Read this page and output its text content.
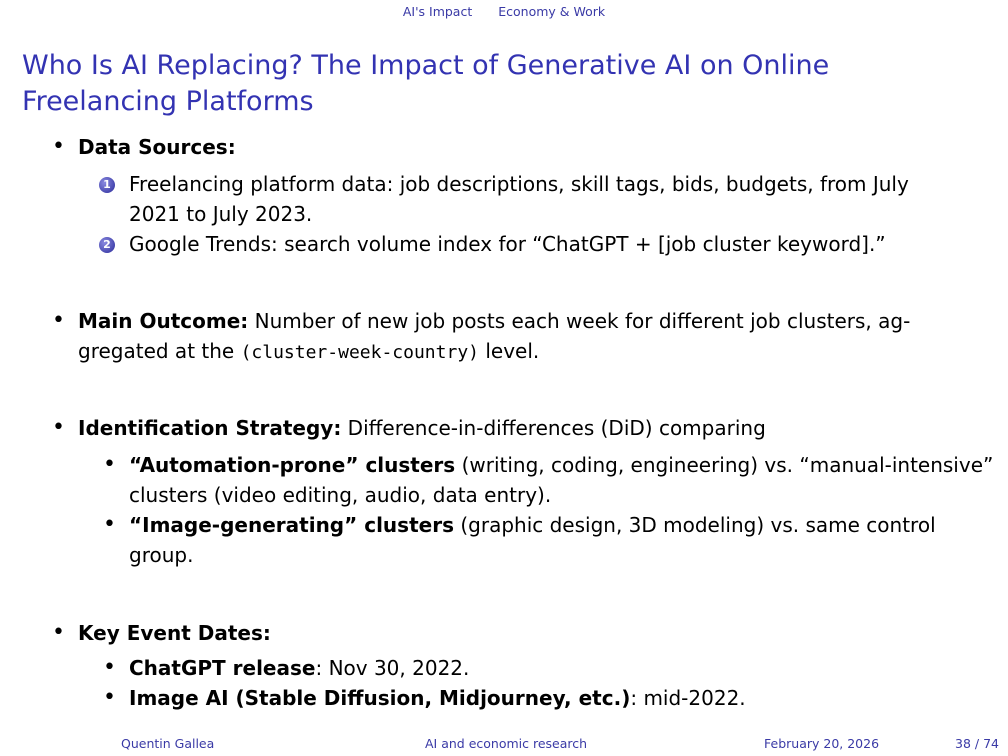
AI's Impact Economy & Work
Who Is AI Replacing? The Impact of Generative AI on Online Freelancing Platforms
• Data Sources:
1 Freelancing platform data: job descriptions, skill tags, bids, budgets, from July
2021 to July 2023.
2 Google Trends: search volume index for “ChatGPT + [job cluster keyword].”
• Main Outcome: Number of new job posts each week for different job clusters, ag-
gregated at the (cluster-week-country) level.
• Identification Strategy: Difference-in-differences (DiD) comparing
• “Automation-prone” clusters (writing, coding, engineering) vs. “manual-intensive”
clusters (video editing, audio, data entry).
• “Image-generating” clusters (graphic design, 3D modeling) vs. same control
group.
• Key Event Dates:
• ChatGPT release: Nov 30, 2022.
• Image AI (Stable Diffusion, Midjourney, etc.): mid-2022.
Quentin Gallea	AI and economic research	February 20, 2026	38 / 74
